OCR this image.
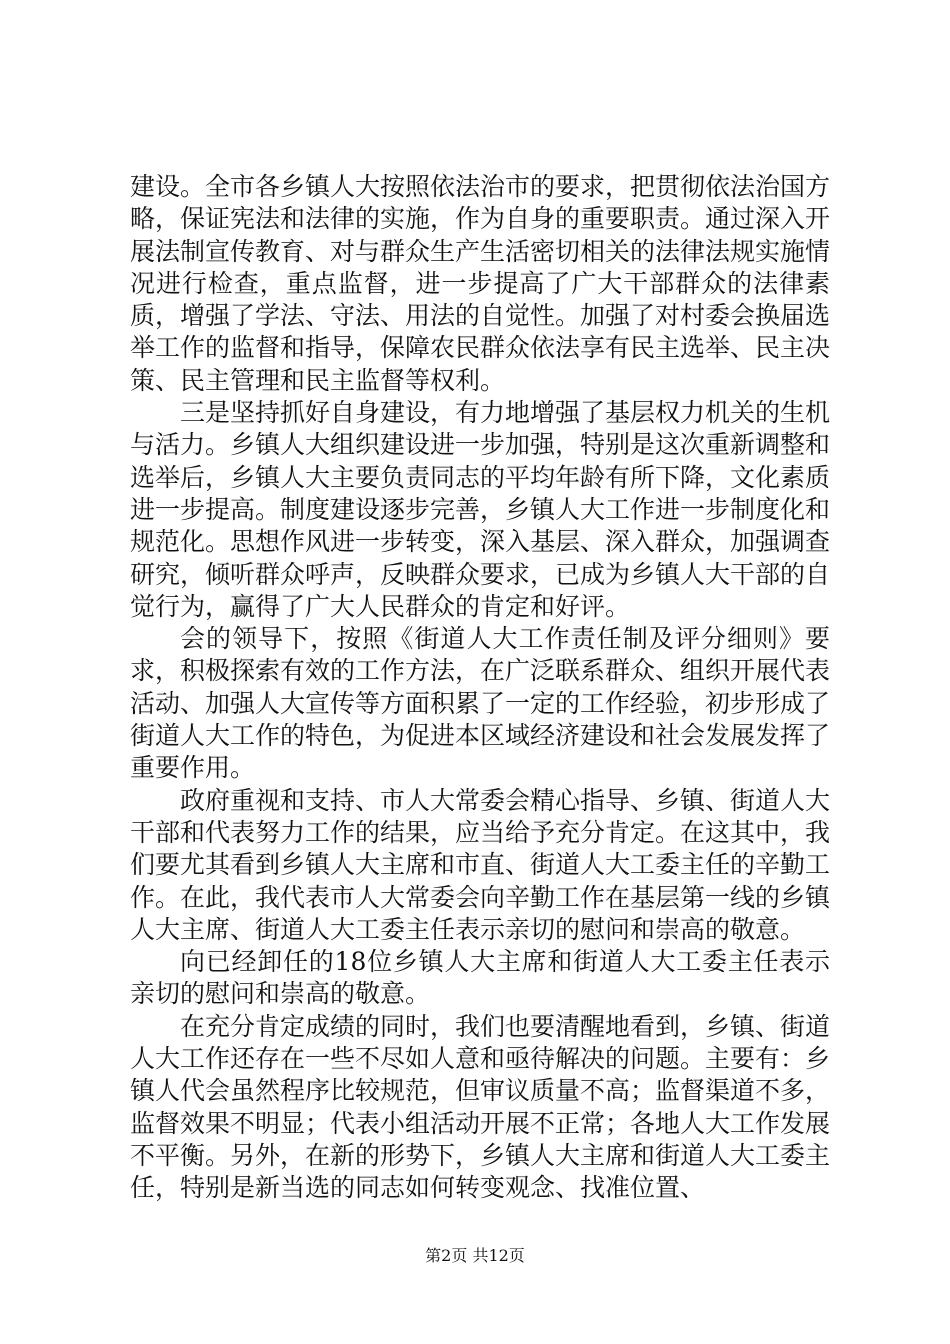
建设。全市各乡镇人大按照依法治市的要求，把贯彻依法治国方略，保证宪法和法律的实施，作为自身的重要职责。通过深入开展法制宣传教育、对与群众生产生活密切相关的法律法规实施情况进行检查，重点监督，进一步提高了广大干部群众的法律素质，增强了学法、守法、用法的自觉性。加强了对村委会换届选举工作的监督和指导，保障农民群众依法享有民主选举、民主决策、民主管理和民主监督等权利。

三是坚持抓好自身建设，有力地增强了基层权力机关的生机与活力。乡镇人大组织建设进一步加强，特别是这次重新调整和选举后，乡镇人大主要负责同志的平均年龄有所下降，文化素质进一步提高。制度建设逐步完善，乡镇人大工作进一步制度化和规范化。思想作风进一步转变，深入基层、深入群众，加强调查研究，倾听群众呼声，反映群众要求，已成为乡镇人大干部的自觉行为，赢得了广大人民群众的肯定和好评。

会的领导下，按照《街道人大工作责任制及评分细则》要求，积极探索有效的工作方法，在广泛联系群众、组织开展代表活动、加强人大宣传等方面积累了一定的工作经验，初步形成了街道人大工作的特色，为促进本区域经济建设和社会发展发挥了重要作用。

政府重视和支持、市人大常委会精心指导、乡镇、街道人大干部和代表努力工作的结果，应当给予充分肯定。在这其中，我们要尤其看到乡镇人大主席和市直、街道人大工委主任的辛勤工作。在此，我代表市人大常委会向辛勤工作在基层第一线的乡镇人大主席、街道人大工委主任表示亲切的慰问和崇高的敬意。

向已经卸任的18位乡镇人大主席和街道人大工委主任表示亲切的慰问和崇高的敬意。

在充分肯定成绩的同时，我们也要清醒地看到，乡镇、街道人大工作还存在一些不尽如人意和亟待解决的问题。主要有：乡镇人代会虽然程序比较规范，但审议质量不高；监督渠道不多，监督效果不明显；代表小组活动开展不正常；各地人大工作发展不平衡。另外，在新的形势下，乡镇人大主席和街道人大工委主任，特别是新当选的同志如何转变观念、找准位置、

第2页 共12页
